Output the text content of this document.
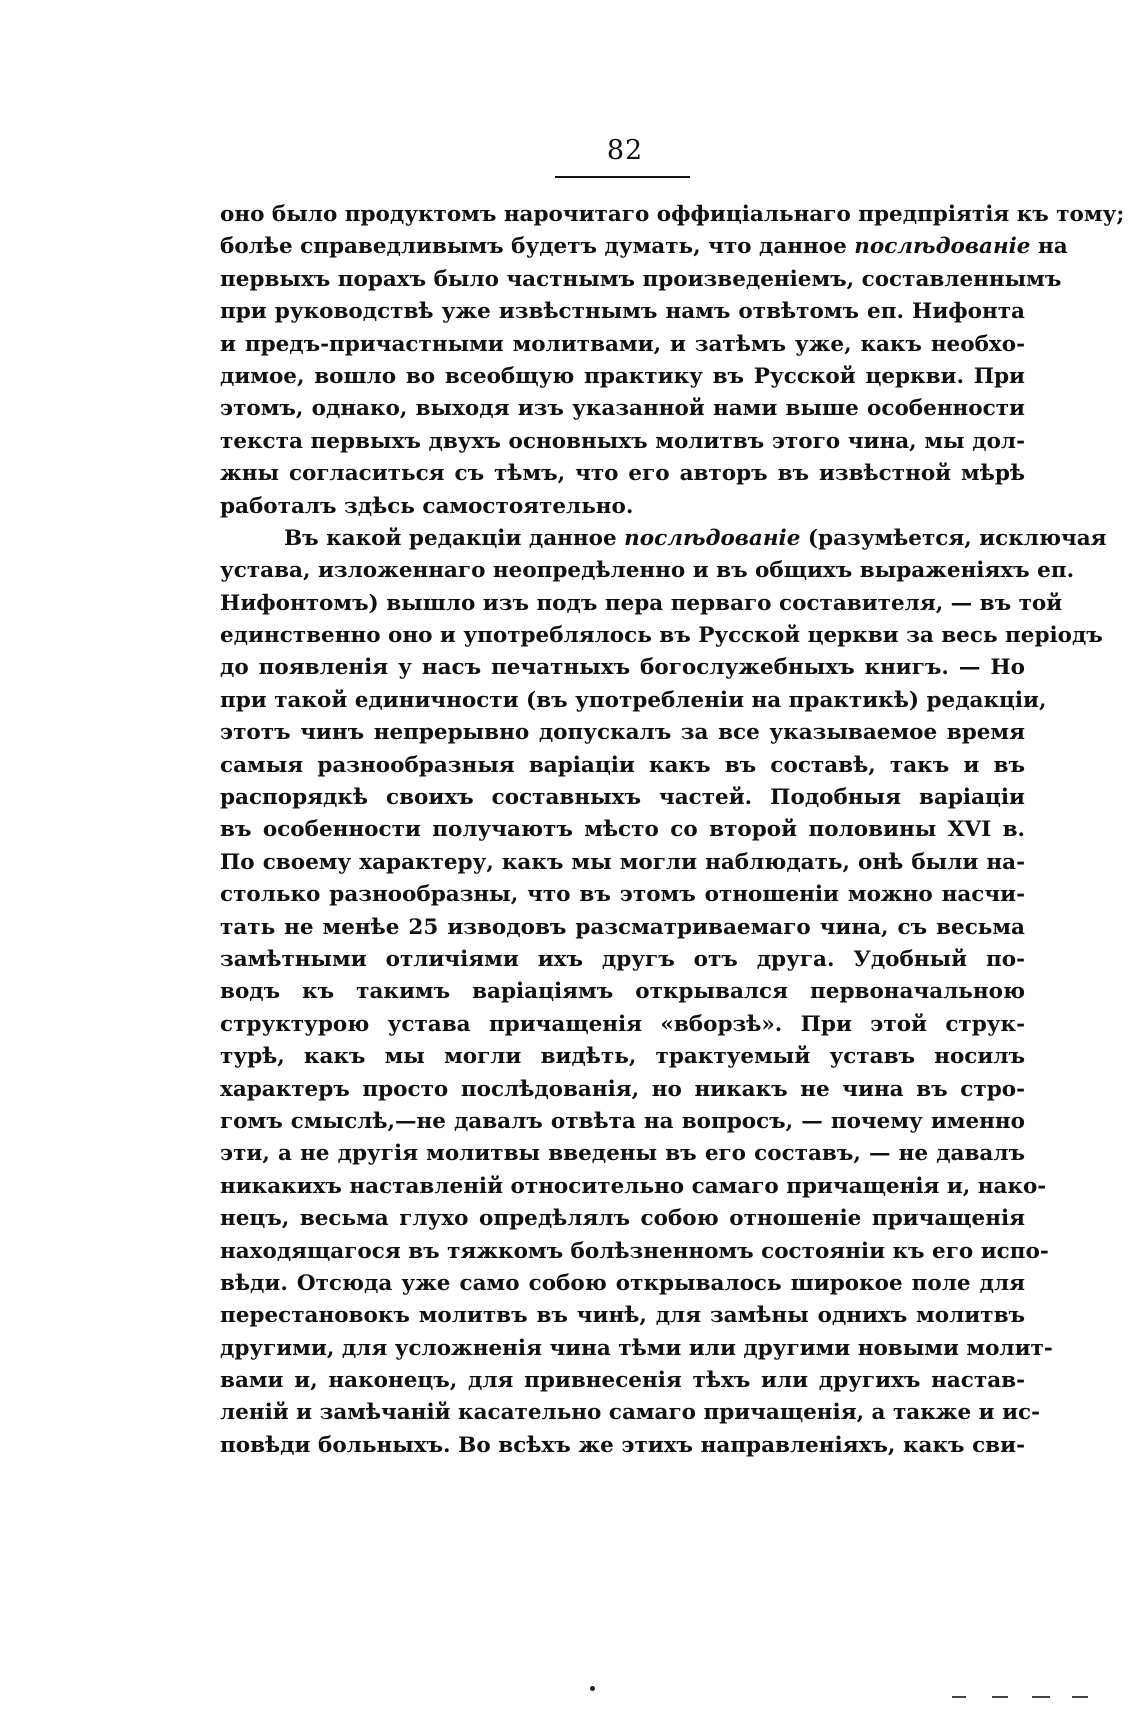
82
оно было продуктомъ нарочитаго оффиціальнаго предпріятія къ тому;
болѣе справедливымъ будетъ думать, что данное послѣдованіе на
первыхъ порахъ было частнымъ произведеніемъ, составленнымъ
при руководствѣ уже извѣстнымъ намъ отвѣтомъ еп. Нифонта
и предъ-причастными молитвами, и затѣмъ уже, какъ необхо-
димое, вошло во всеобщую практику въ Русской церкви. При
этомъ, однако, выходя изъ указанной нами выше особенности
текста первыхъ двухъ основныхъ молитвъ этого чина, мы дол-
жны согласиться съ тѣмъ, что его авторъ въ извѣстной мѣрѣ
работалъ здѣсь самостоятельно.
Въ какой редакціи данное послѣдованіе (разумѣется, исключая
устава, изложеннаго неопредѣленно и въ общихъ выраженіяхъ еп.
Нифонтомъ) вышло изъ подъ пера перваго составителя, — въ той
единственно оно и употреблялось въ Русской церкви за весь періодъ
до появленія у насъ печатныхъ богослужебныхъ книгъ. — Но
при такой единичности (въ употребленіи на практикѣ) редакціи,
этотъ чинъ непрерывно допускалъ за все указываемое время
самыя разнообразныя варіаціи какъ въ составѣ, такъ и въ
распорядкѣ своихъ составныхъ частей. Подобныя варіаціи
въ особенности получаютъ мѣсто со второй половины XVI в.
По своему характеру, какъ мы могли наблюдать, онѣ были на-
столько разнообразны, что въ этомъ отношеніи можно насчи-
тать не менѣе 25 изводовъ разсматриваемаго чина, съ весьма
замѣтными отличіями ихъ другъ отъ друга. Удобный по-
водъ къ такимъ варіаціямъ открывался первоначальною
структурою устава причащенія «вборзѣ». При этой струк-
турѣ, какъ мы могли видѣть, трактуемый уставъ носилъ
характеръ просто послѣдованія, но никакъ не чина въ стро-
гомъ смыслѣ,—не давалъ отвѣта на вопросъ, — почему именно
эти, а не другія молитвы введены въ его составъ, — не давалъ
никакихъ наставленій относительно самаго причащенія и, нако-
нецъ, весьма глухо опредѣлялъ собою отношеніе причащенія
находящагося въ тяжкомъ болѣзненномъ состояніи къ его испо-
вѣди. Отсюда уже само собою открывалось широкое поле для
перестановокъ молитвъ въ чинѣ, для замѣны однихъ молитвъ
другими, для усложненія чина тѣми или другими новыми молит-
вами и, наконецъ, для привнесенія тѣхъ или другихъ настав-
леній и замѣчаній касательно самаго причащенія, а также и ис-
повѣди больныхъ. Во всѣхъ же этихъ направленіяхъ, какъ сви-
